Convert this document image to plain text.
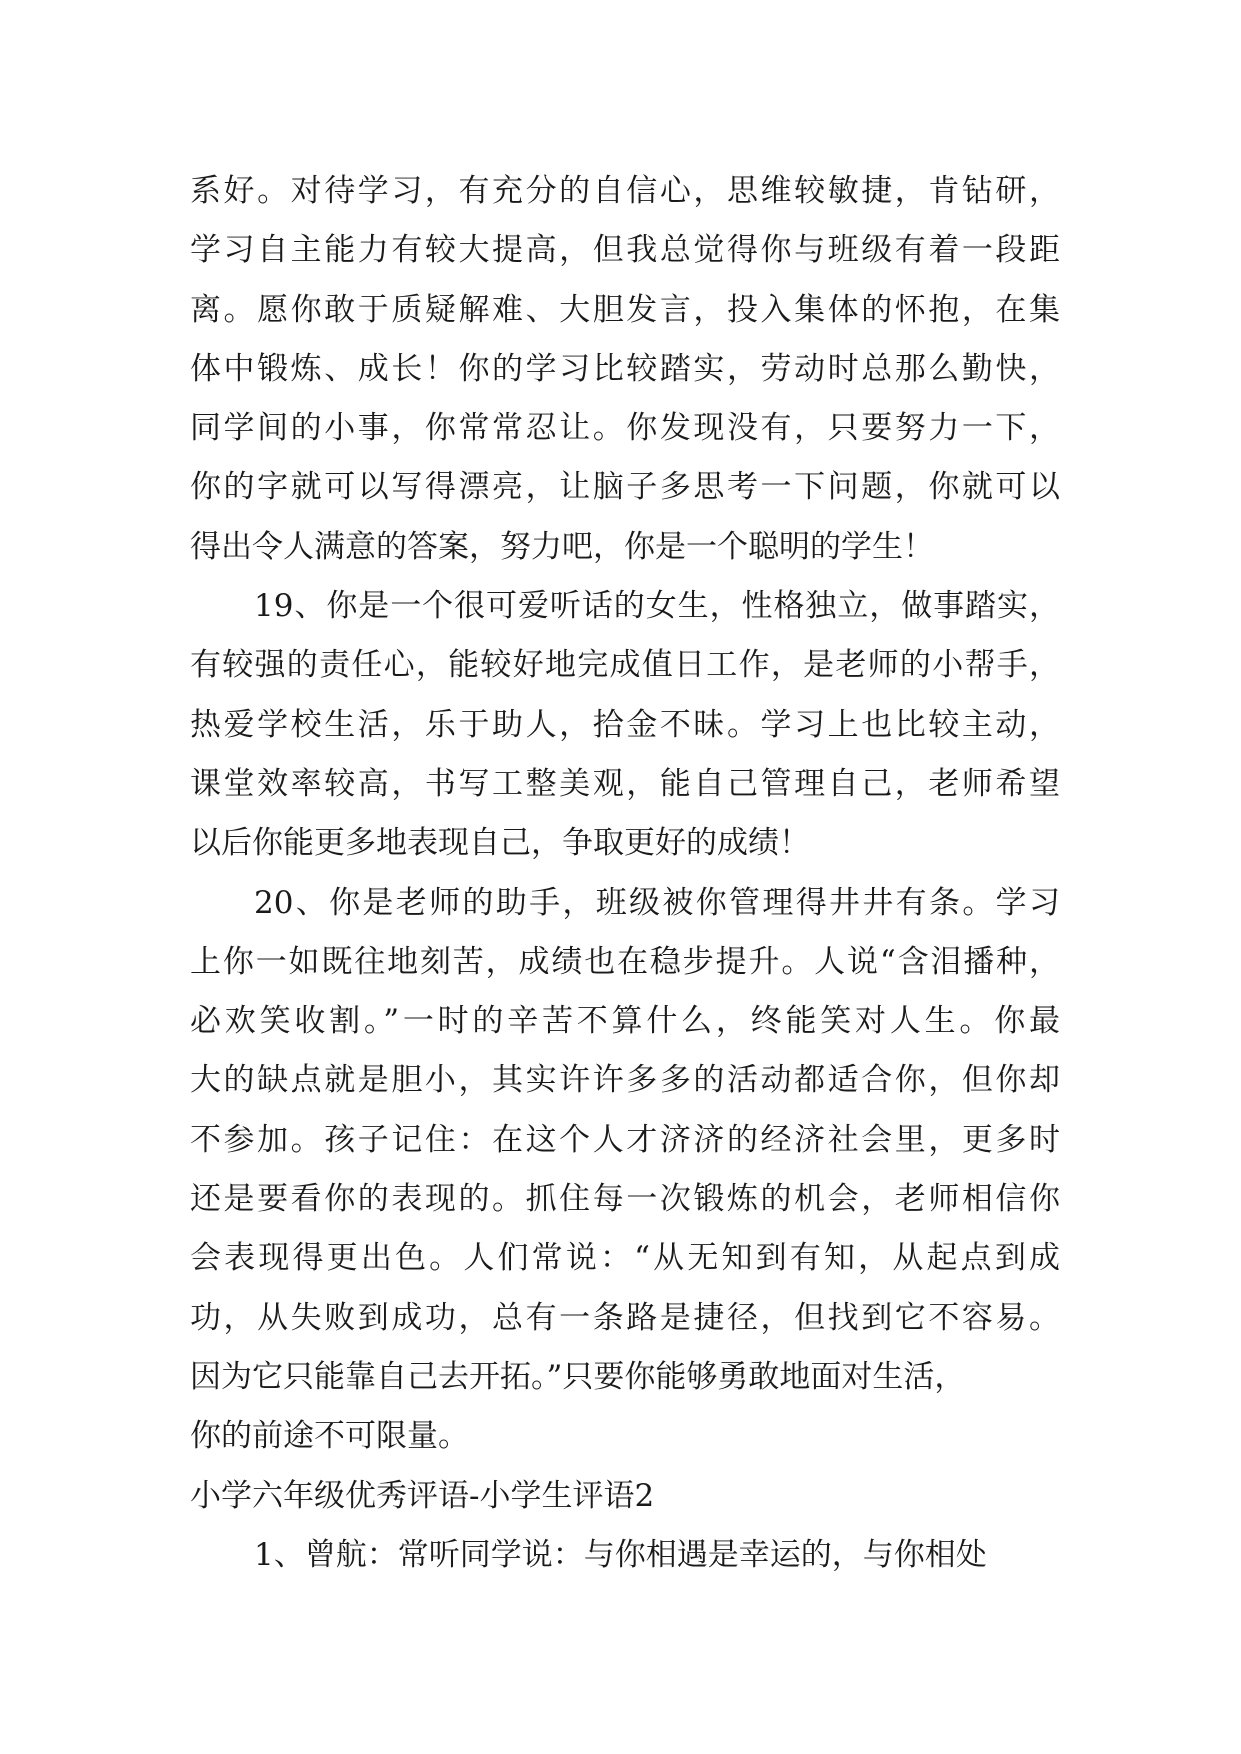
系好。对待学习，有充分的自信心，思维较敏捷，肯钻研，
学习自主能力有较大提高，但我总觉得你与班级有着一段距
离。愿你敢于质疑解难、大胆发言，投入集体的怀抱，在集
体中锻炼、成长！你的学习比较踏实，劳动时总那么勤快，
同学间的小事，你常常忍让。你发现没有，只要努力一下，
你的字就可以写得漂亮，让脑子多思考一下问题，你就可以
得出令人满意的答案，努力吧，你是一个聪明的学生！
19、你是一个很可爱听话的女生，性格独立，做事踏实，
有较强的责任心，能较好地完成值日工作，是老师的小帮手，
热爱学校生活，乐于助人，拾金不昧。学习上也比较主动，
课堂效率较高，书写工整美观，能自己管理自己，老师希望
以后你能更多地表现自己，争取更好的成绩！
20、你是老师的助手，班级被你管理得井井有条。学习
上你一如既往地刻苦，成绩也在稳步提升。人说“含泪播种，
必欢笑收割。”一时的辛苦不算什么，终能笑对人生。你最
大的缺点就是胆小，其实许许多多的活动都适合你，但你却
不参加。孩子记住：在这个人才济济的经济社会里，更多时
还是要看你的表现的。抓住每一次锻炼的机会，老师相信你
会表现得更出色。人们常说：“从无知到有知，从起点到成
功，从失败到成功，总有一条路是捷径，但找到它不容易。
因为它只能靠自己去开拓。”只要你能够勇敢地面对生活，
你的前途不可限量。
小学六年级优秀评语-小学生评语2
1、曾航：常听同学说：与你相遇是幸运的，与你相处
